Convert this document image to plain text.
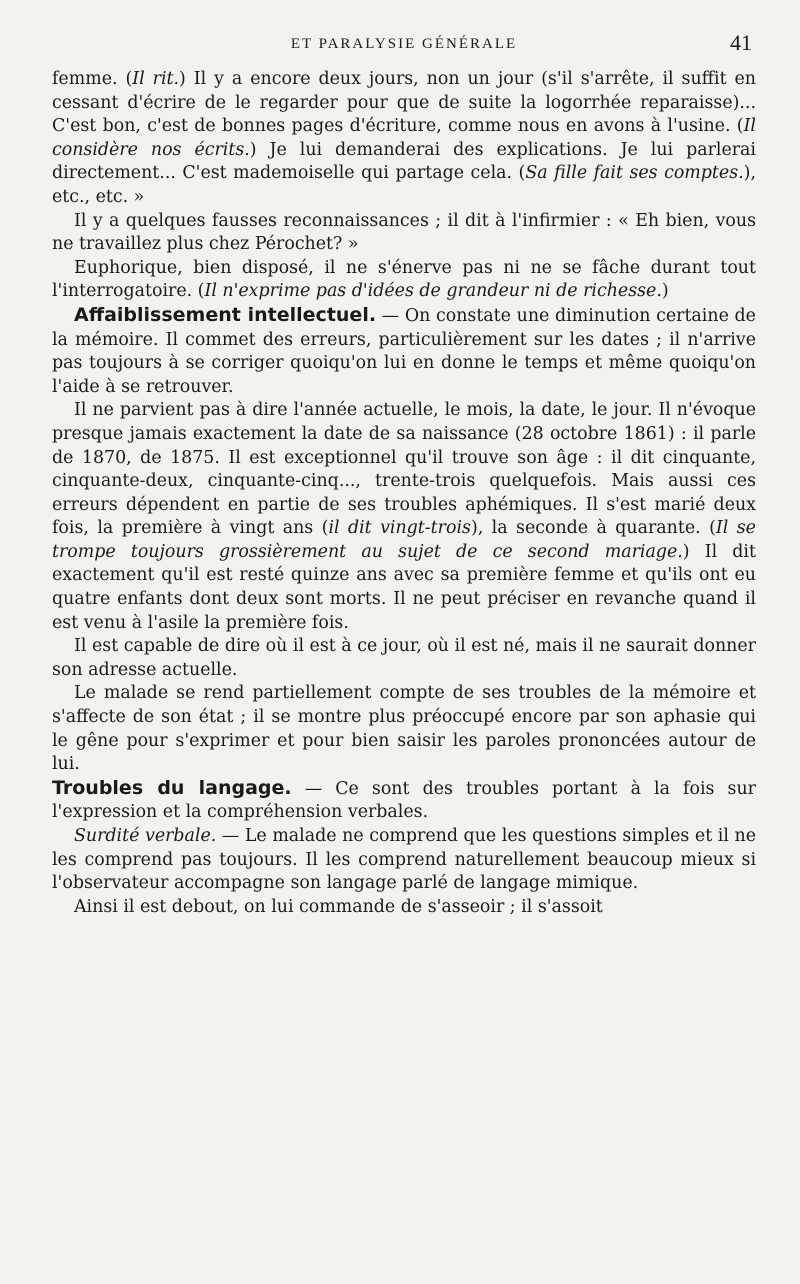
ET PARALYSIE GÉNÉRALE	41

femme. (Il rit.) Il y a encore deux jours, non un jour (s'il s'arrête, il suffit en cessant d'écrire de le regarder pour que de suite la logorrhée reparaisse)... C'est bon, c'est de bonnes pages d'écriture, comme nous en avons à l'usine. (Il considère nos écrits.) Je lui demanderai des explications. Je lui parlerai directement... C'est mademoiselle qui partage cela. (Sa fille fait ses comptes.), etc., etc. »

Il y a quelques fausses reconnaissances ; il dit à l'infirmier : « Eh bien, vous ne travaillez plus chez Pérochet? »

Euphorique, bien disposé, il ne s'énerve pas ni ne se fâche durant tout l'interrogatoire. (Il n'exprime pas d'idées de grandeur ni de richesse.)

Affaiblissement intellectuel. — On constate une diminution certaine de la mémoire. Il commet des erreurs, particulièrement sur les dates ; il n'arrive pas toujours à se corriger quoiqu'on lui en donne le temps et même quoiqu'on l'aide à se retrouver.

Il ne parvient pas à dire l'année actuelle, le mois, la date, le jour. Il n'évoque presque jamais exactement la date de sa naissance (28 octobre 1861) : il parle de 1870, de 1875. Il est exceptionnel qu'il trouve son âge : il dit cinquante, cinquante-deux, cinquante-cinq..., trente-trois quelquefois. Mais aussi ces erreurs dépendent en partie de ses troubles aphémiques. Il s'est marié deux fois, la première à vingt ans (il dit vingt-trois), la seconde à quarante. (Il se trompe toujours grossièrement au sujet de ce second mariage.) Il dit exactement qu'il est resté quinze ans avec sa première femme et qu'ils ont eu quatre enfants dont deux sont morts. Il ne peut préciser en revanche quand il est venu à l'asile la première fois.

Il est capable de dire où il est à ce jour, où il est né, mais il ne saurait donner son adresse actuelle.

Le malade se rend partiellement compte de ses troubles de la mémoire et s'affecte de son état ; il se montre plus préoccupé encore par son aphasie qui le gêne pour s'exprimer et pour bien saisir les paroles prononcées autour de lui.

Troubles du langage. — Ce sont des troubles portant à la fois sur l'expression et la compréhension verbales.

Surdité verbale. — Le malade ne comprend que les questions simples et il ne les comprend pas toujours. Il les comprend naturellement beaucoup mieux si l'observateur accompagne son langage parlé de langage mimique.

Ainsi il est debout, on lui commande de s'asseoir ; il s'assoit
